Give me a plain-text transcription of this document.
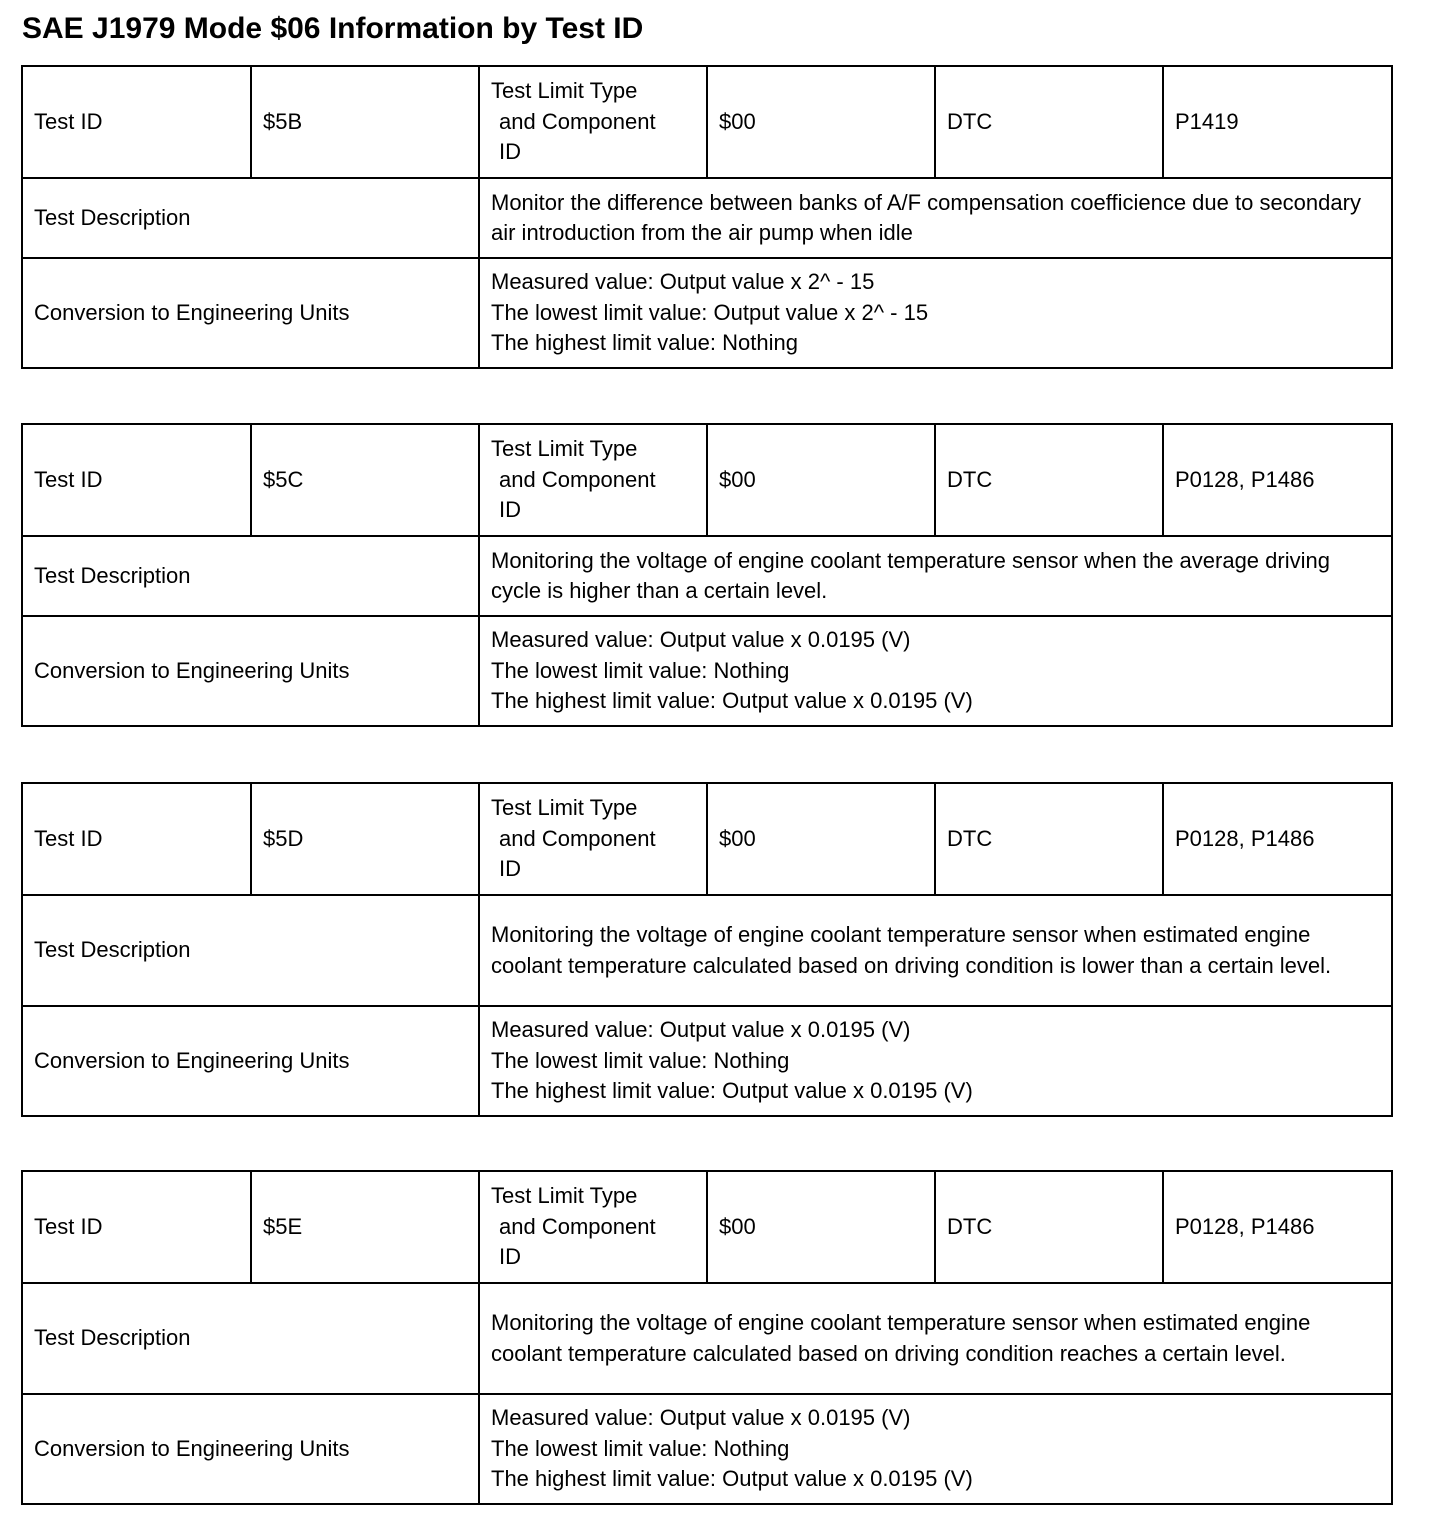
SAE J1979 Mode $06 Information by Test ID
Test ID	$5B	Test Limit Type
and Component
ID	$00	DTC	P1419
Test Description		Monitor the difference between banks of A/F compensation coefficience due to secondary air introduction from the air pump when idle			
Conversion to Engineering Units		Measured value: Output value x 2^ - 15
The lowest limit value: Output value x 2^ - 15
The highest limit value: Nothing			
Test ID	$5C	Test Limit Type
and Component
ID	$00	DTC	P0128, P1486
Test Description		Monitoring the voltage of engine coolant temperature sensor when the average driving cycle is higher than a certain level.			
Conversion to Engineering Units		Measured value: Output value x 0.0195 (V)
The lowest limit value: Nothing
The highest limit value: Output value x 0.0195 (V)			
Test ID	$5D	Test Limit Type
and Component
ID	$00	DTC	P0128, P1486
Test Description		Monitoring the voltage of engine coolant temperature sensor when estimated engine coolant temperature calculated based on driving condition is lower than a certain level.			
Conversion to Engineering Units		Measured value: Output value x 0.0195 (V)
The lowest limit value: Nothing
The highest limit value: Output value x 0.0195 (V)			
Test ID	$5E	Test Limit Type
and Component
ID	$00	DTC	P0128, P1486
Test Description		Monitoring the voltage of engine coolant temperature sensor when estimated engine coolant temperature calculated based on driving condition reaches a certain level.			
Conversion to Engineering Units		Measured value: Output value x 0.0195 (V)
The lowest limit value: Nothing
The highest limit value: Output value x 0.0195 (V)			
